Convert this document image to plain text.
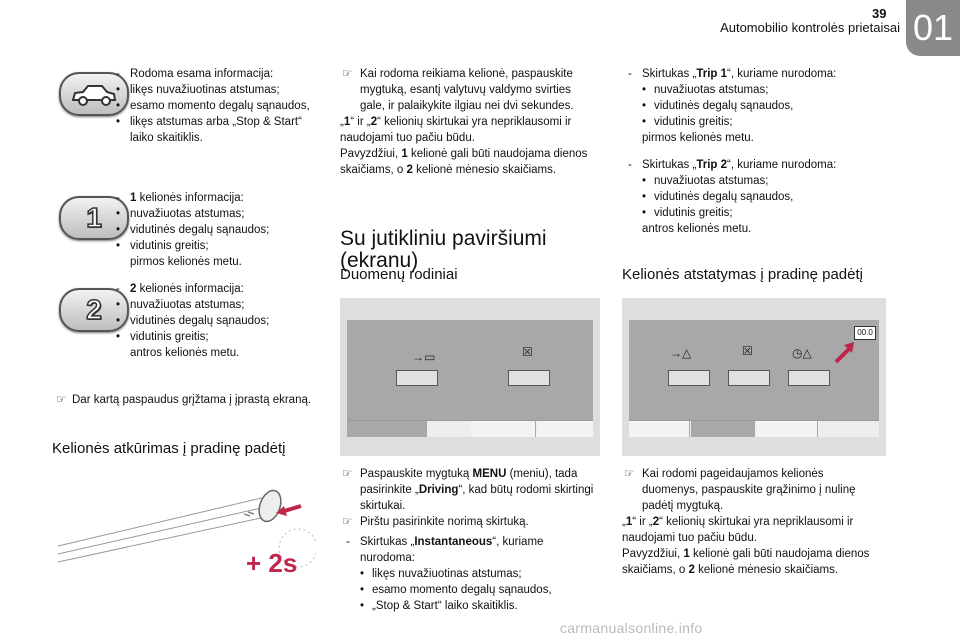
39
Automobilio kontrolės prietaisai 01
- Rodoma esama informacija:
• likęs nuvažiuotinas atstumas;
• esamo momento degalų sąnaudos,
• likęs atstumas arba „Stop & Start“ laiko skaitiklis.
1
- 1 kelionės informacija:
• nuvažiuotas atstumas;
• vidutinės degalų sąnaudos;
• vidutinis greitis;
pirmos kelionės metu.
2
- 2 kelionės informacija:
• nuvažiuotas atstumas;
• vidutinės degalų sąnaudos;
• vidutinis greitis;
antros kelionės metu.
☞ Dar kartą paspaudus grįžtama į įprastą ekraną.
Kelionės atkūrimas į pradinę padėtį
+ 2s
☞ Kai rodoma reikiama kelionė, paspauskite mygtuką, esantį valytuvų valdymo svirties gale, ir palaikykite ilgiau nei dvi sekundes.
„1“ ir „2“ kelionių skirtukai yra nepriklausomi ir naudojami tuo pačiu būdu.
Pavyzdžiui, 1 kelionė gali būti naudojama dienos skaičiams, o 2 kelionė mėnesio skaičiams.
Su jutikliniu paviršiumi (ekranu)
Duomenų rodiniai
→▭	☒
☞ Paspauskite mygtuką MENU (meniu), tada pasirinkite „Driving“, kad būtų rodomi skirtingi skirtukai.
☞ Pirštu pasirinkite norimą skirtuką.
- Skirtukas „Instantaneous“, kuriame nurodoma:
• likęs nuvažiuotinas atstumas;
• esamo momento degalų sąnaudos,
• „Stop & Start“ laiko skaitiklis.
- Skirtukas „Trip 1“, kuriame nurodoma:
• nuvažiuotas atstumas;
• vidutinės degalų sąnaudos,
• vidutinis greitis;
pirmos kelionės metu.
- Skirtukas „Trip 2“, kuriame nurodoma:
• nuvažiuotas atstumas;
• vidutinės degalų sąnaudos,
• vidutinis greitis;
antros kelionės metu.
Kelionės atstatymas į pradinę padėtį
→△	☒	◷△
00.0
☞ Kai rodomi pageidaujamos kelionės duomenys, paspauskite grąžinimo į nulinę padėtį mygtuką.
„1“ ir „2“ kelionių skirtukai yra nepriklausomi ir naudojami tuo pačiu būdu.
Pavyzdžiui, 1 kelionė gali būti naudojama dienos skaičiams, o 2 kelionė mėnesio skaičiams.
carmanualsonline.info
